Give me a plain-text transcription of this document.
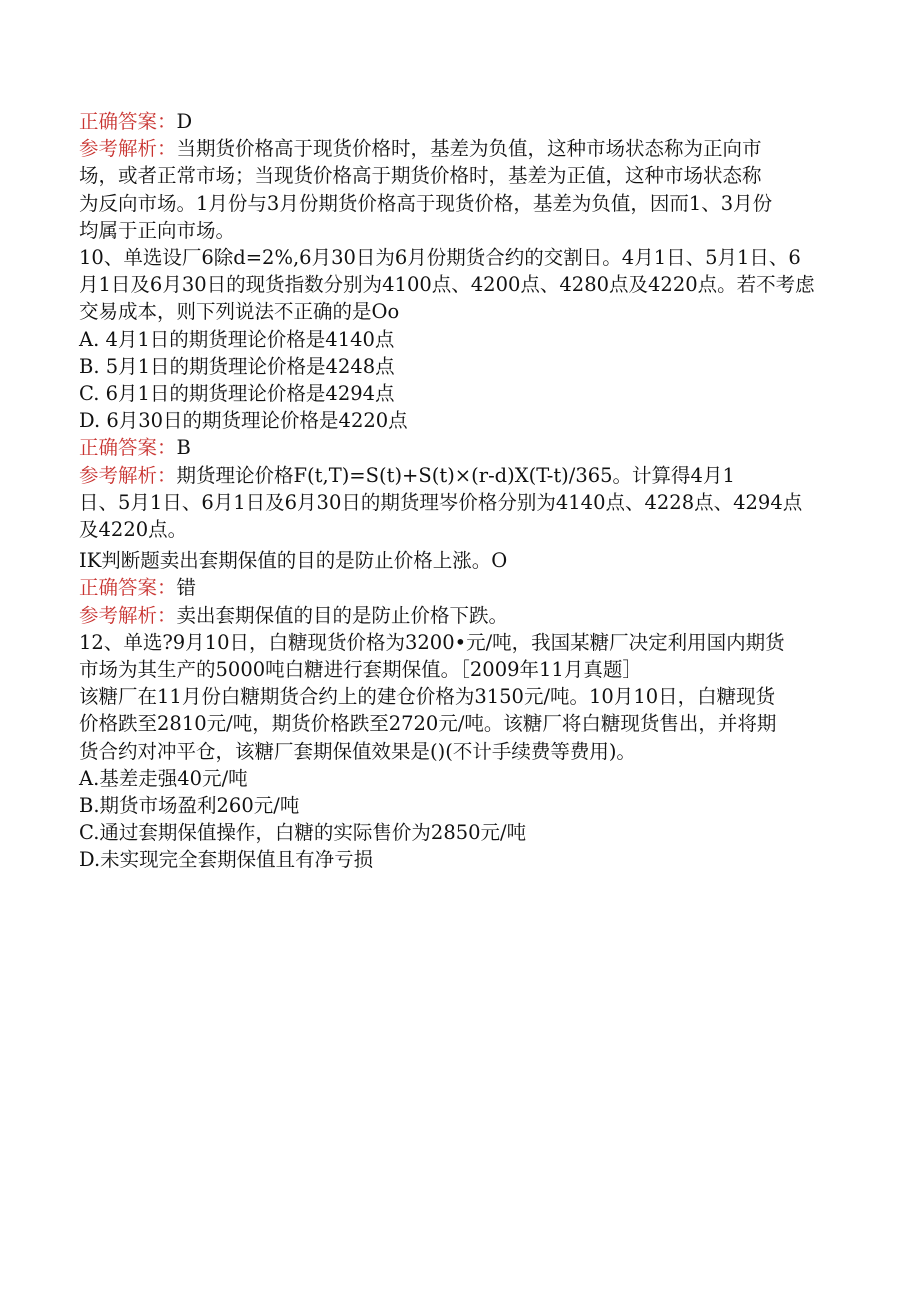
正确答案：D
参考解析：当期货价格高于现货价格时，基差为负值，这种市场状态称为正向市
场，或者正常市场；当现货价格高于期货价格时，基差为正值，这种市场状态称
为反向市场。1月份与3月份期货价格高于现货价格，基差为负值，因而1、3月份
均属于正向市场。
10、单选设厂6除d=2%,6月30日为6月份期货合约的交割日。4月1日、5月1日、6
月1日及6月30日的现货指数分别为4100点、4200点、4280点及4220点。若不考虑
交易成本，则下列说法不正确的是Oo
A. 4月1日的期货理论价格是4140点
B. 5月1日的期货理论价格是4248点
C. 6月1日的期货理论价格是4294点
D. 6月30日的期货理论价格是4220点
正确答案：B
参考解析：期货理论价格F(t,T)=S(t)+S(t)×(r-d)X(T-t)/365。计算得4月1
日、5月1日、6月1日及6月30日的期货理岑价格分别为4140点、4228点、4294点
及4220点。
IK判断题卖出套期保值的目的是防止价格上涨。O
正确答案：错
参考解析：卖出套期保值的目的是防止价格下跌。
12、单选?9月10日，白糖现货价格为3200•元/吨，我国某糖厂决定利用国内期货
市场为其生产的5000吨白糖进行套期保值。［2009年11月真题］
该糖厂在11月份白糖期货合约上的建仓价格为3150元/吨。10月10日，白糖现货
价格跌至2810元/吨，期货价格跌至2720元/吨。该糖厂将白糖现货售出，并将期
货合约对冲平仓，该糖厂套期保值效果是()(不计手续费等费用)。
A.基差走强40元/吨
B.期货市场盈利260元/吨
C.通过套期保值操作，白糖的实际售价为2850元/吨
D.未实现完全套期保值且有净亏损
